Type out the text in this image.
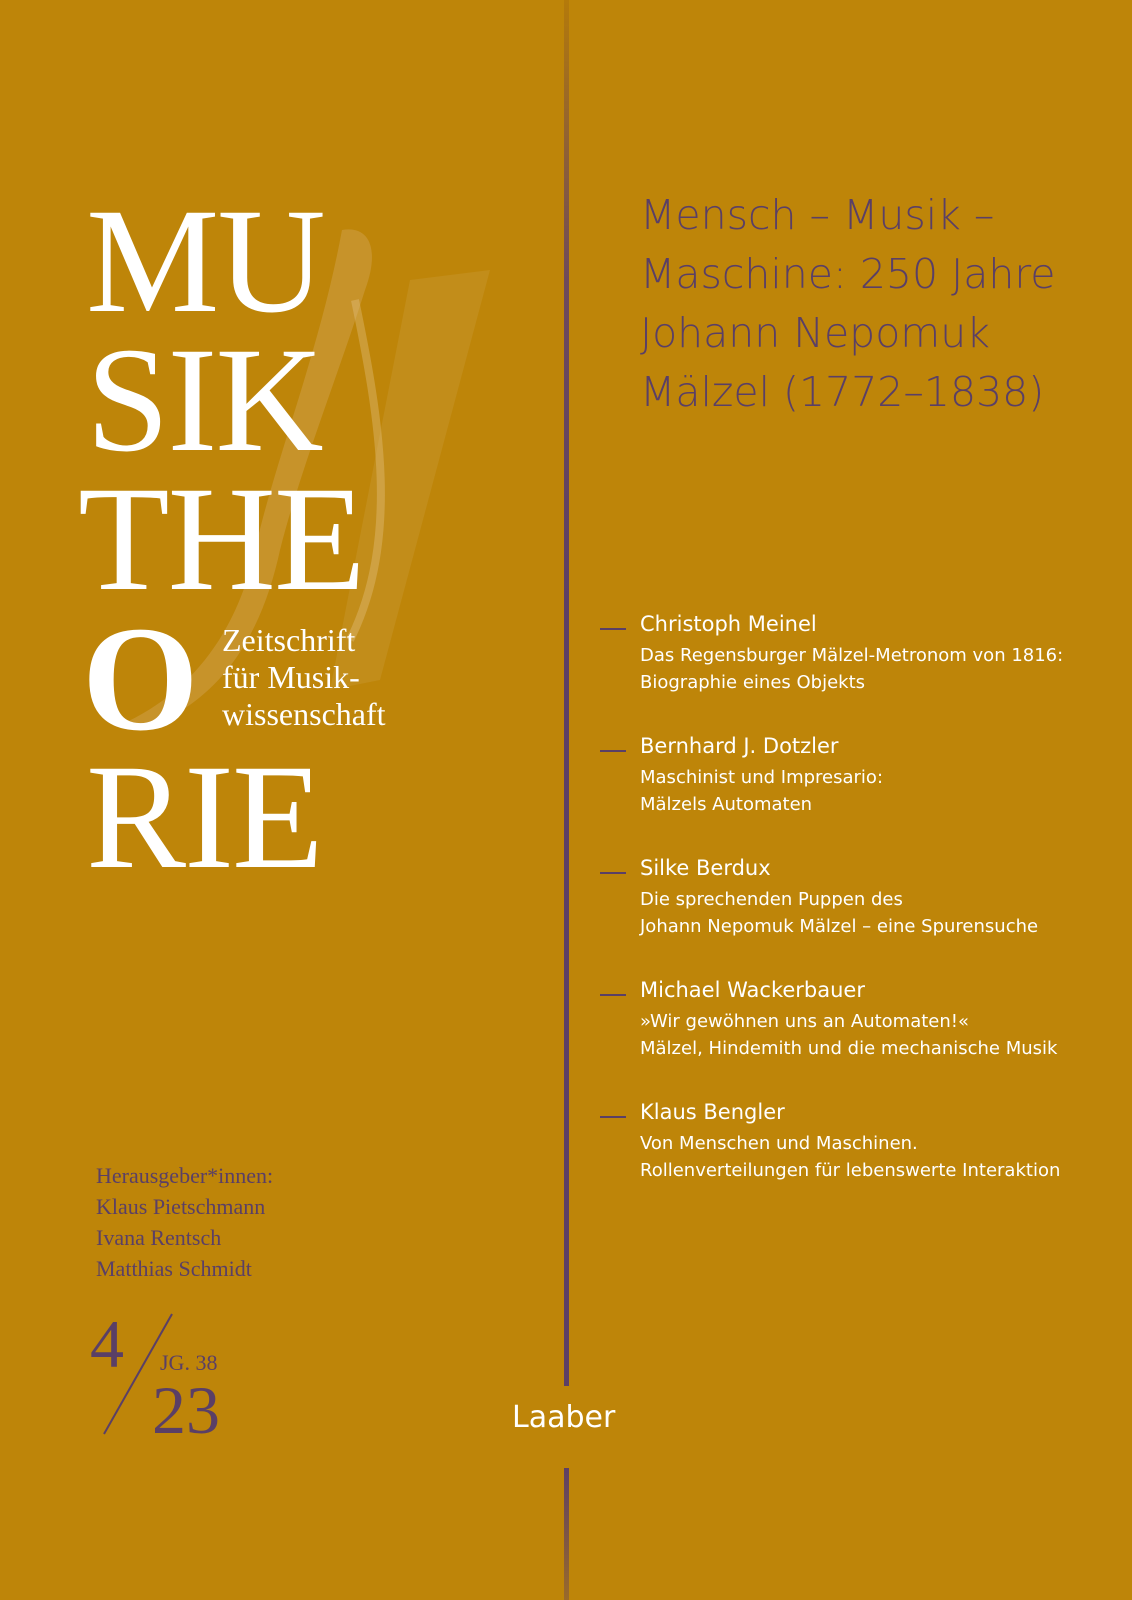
MU
SIK
THE
O Zeitschrift
für Musik-
wissenschaft
RIE
Mensch – Musik –
Maschine: 250 Jahre
Johann Nepomuk
Mälzel (1772–1838)
Christoph Meinel
Das Regensburger Mälzel-Metronom von 1816:
Biographie eines Objekts
Bernhard J. Dotzler
Maschinist und Impresario:
Mälzels Automaten
Silke Berdux
Die sprechenden Puppen des
Johann Nepomuk Mälzel – eine Spurensuche
Michael Wackerbauer
»Wir gewöhnen uns an Automaten!«
Mälzel, Hindemith und die mechanische Musik
Klaus Bengler
Von Menschen und Maschinen.
Rollenverteilungen für lebenswerte Interaktion
Herausgeber*innen:
Klaus Pietschmann
Ivana Rentsch
Matthias Schmidt
4 JG. 38
23	Laaber
